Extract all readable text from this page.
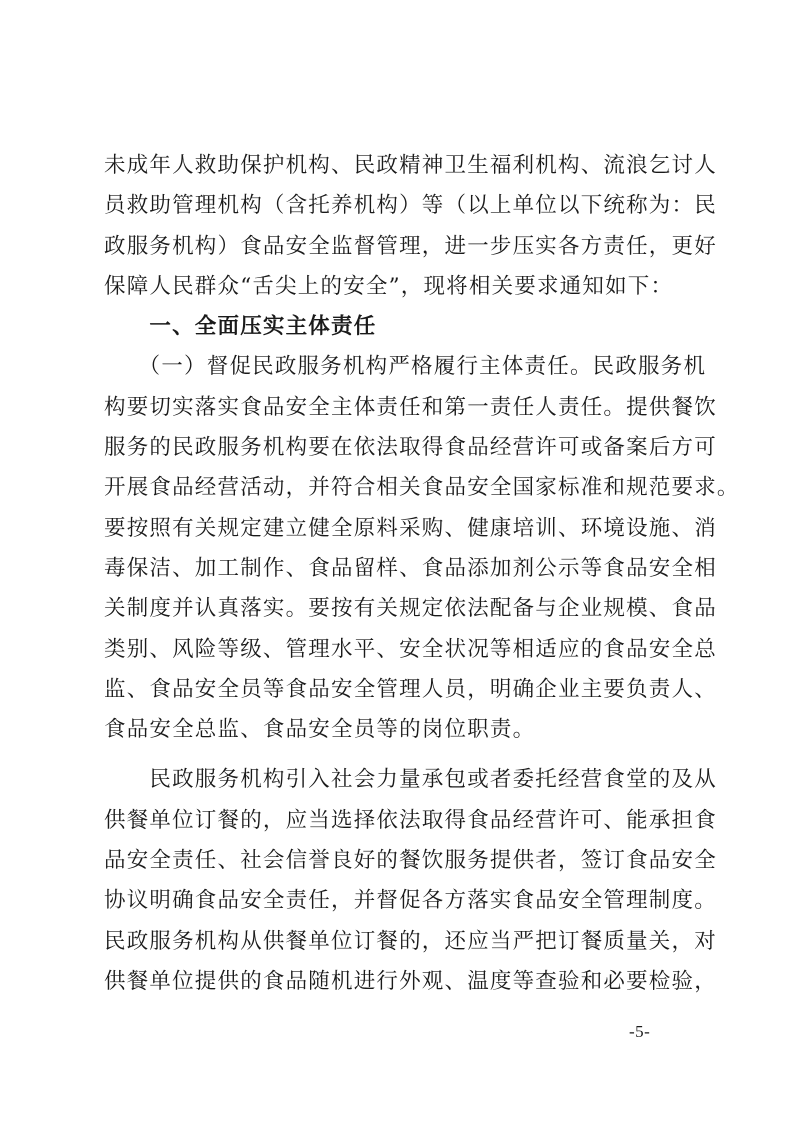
未成年人救助保护机构、民政精神卫生福利机构、流浪乞讨人
员救助管理机构（含托养机构）等（以上单位以下统称为：民
政服务机构）食品安全监督管理，进一步压实各方责任，更好
保障人民群众“舌尖上的安全”，现将相关要求通知如下：
　　一、全面压实主体责任
　　（一）督促民政服务机构严格履行主体责任。民政服务机
构要切实落实食品安全主体责任和第一责任人责任。提供餐饮
服务的民政服务机构要在依法取得食品经营许可或备案后方可
开展食品经营活动，并符合相关食品安全国家标准和规范要求。
要按照有关规定建立健全原料采购、健康培训、环境设施、消
毒保洁、加工制作、食品留样、食品添加剂公示等食品安全相
关制度并认真落实。要按有关规定依法配备与企业规模、食品
类别、风险等级、管理水平、安全状况等相适应的食品安全总
监、食品安全员等食品安全管理人员，明确企业主要负责人、
食品安全总监、食品安全员等的岗位职责。
　　民政服务机构引入社会力量承包或者委托经营食堂的及从
供餐单位订餐的，应当选择依法取得食品经营许可、能承担食
品安全责任、社会信誉良好的餐饮服务提供者，签订食品安全
协议明确食品安全责任，并督促各方落实食品安全管理制度。
民政服务机构从供餐单位订餐的，还应当严把订餐质量关，对
供餐单位提供的食品随机进行外观、温度等查验和必要检验，
-5-
